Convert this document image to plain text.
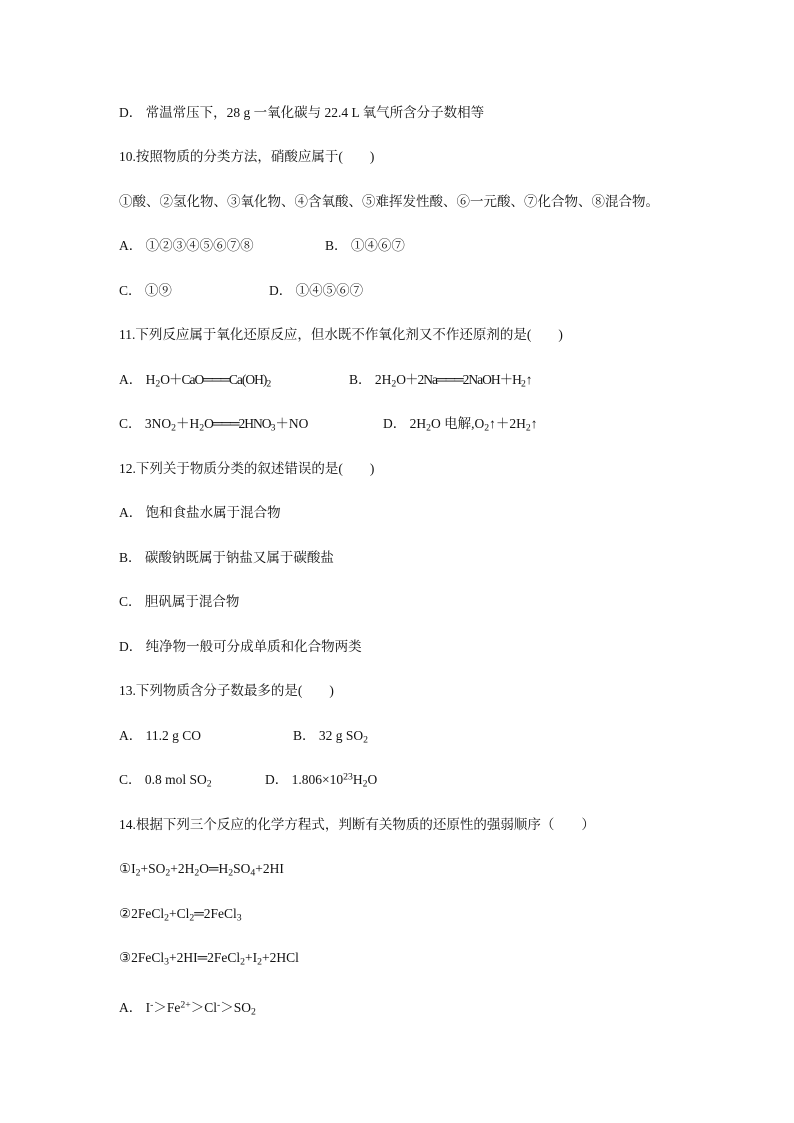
D． 常温常压下，28 g 一氧化碳与 22.4 L 氧气所含分子数相等
10.按照物质的分类方法，硝酸应属于(　　)
①酸、②氢化物、③氧化物、④含氧酸、⑤难挥发性酸、⑥一元酸、⑦化合物、⑧混合物。
A． ①②③④⑤⑥⑦⑧	B． ①④⑥⑦
C． ①⑨	D． ①④⑤⑥⑦
11.下列反应属于氧化还原反应，但水既不作氧化剂又不作还原剂的是(　　)
A． $H_2O+CaO═══Ca(OH)_2$	B． $2H_2O+2Na═══2NaOH+H_2↑$
C． $3NO_2+H_2O═══2HNO_3+NO$	D． $2H_2O$ 电解$,O_2↑+2H_2↑$
12.下列关于物质分类的叙述错误的是(　　)
A． 饱和食盐水属于混合物
B． 碳酸钠既属于钠盐又属于碳酸盐
C． 胆矾属于混合物
D． 纯净物一般可分成单质和化合物两类
13.下列物质含分子数最多的是(　　)
A． 11.2 g CO	B． 32 g $SO_2$
C． 0.8 mol $SO_2$	D． $1.806\times 10^{23}H_2O$
14.根据下列三个反应的化学方程式，判断有关物质的还原性的强弱顺序（　　）
$①I_2+SO_2+2H_2O═H_2SO_4+2HI$
$②2FeCl_2+Cl_2═2FeCl_3$
$③2FeCl_3+2HI═2FeCl_2+I_2+2HCl$
A． $I^->Fe^{2+}>Cl^->SO_2$
